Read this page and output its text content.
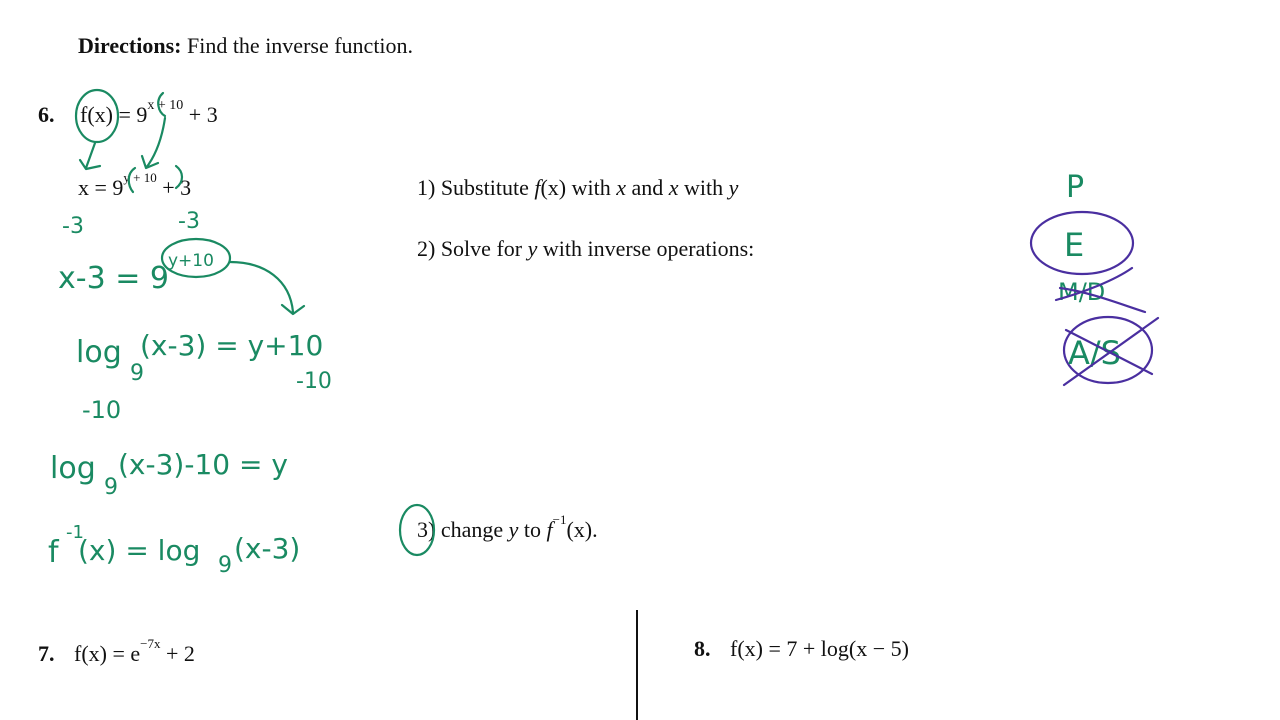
Directions: Find the inverse function.
6. $f(x) = 9^{x + 10} + 3$
$x = 9^{y + 10} + 3$	1) Substitute f(x) with x and x with y
2) Solve for y with inverse operations:
3) change y to $f^{-1}(x)$.
7. $f(x) = e^{-7x} + 2$	8. f(x) = 7 + log(x − 5)
-3	-3
x-3 = 9 y+10
log
9
(x-3) = y+10
-10
-10
log
9
(x-3)-10 = y
f
-1
(x) = log 9
(x-3)
P
E
M/D
A/S
